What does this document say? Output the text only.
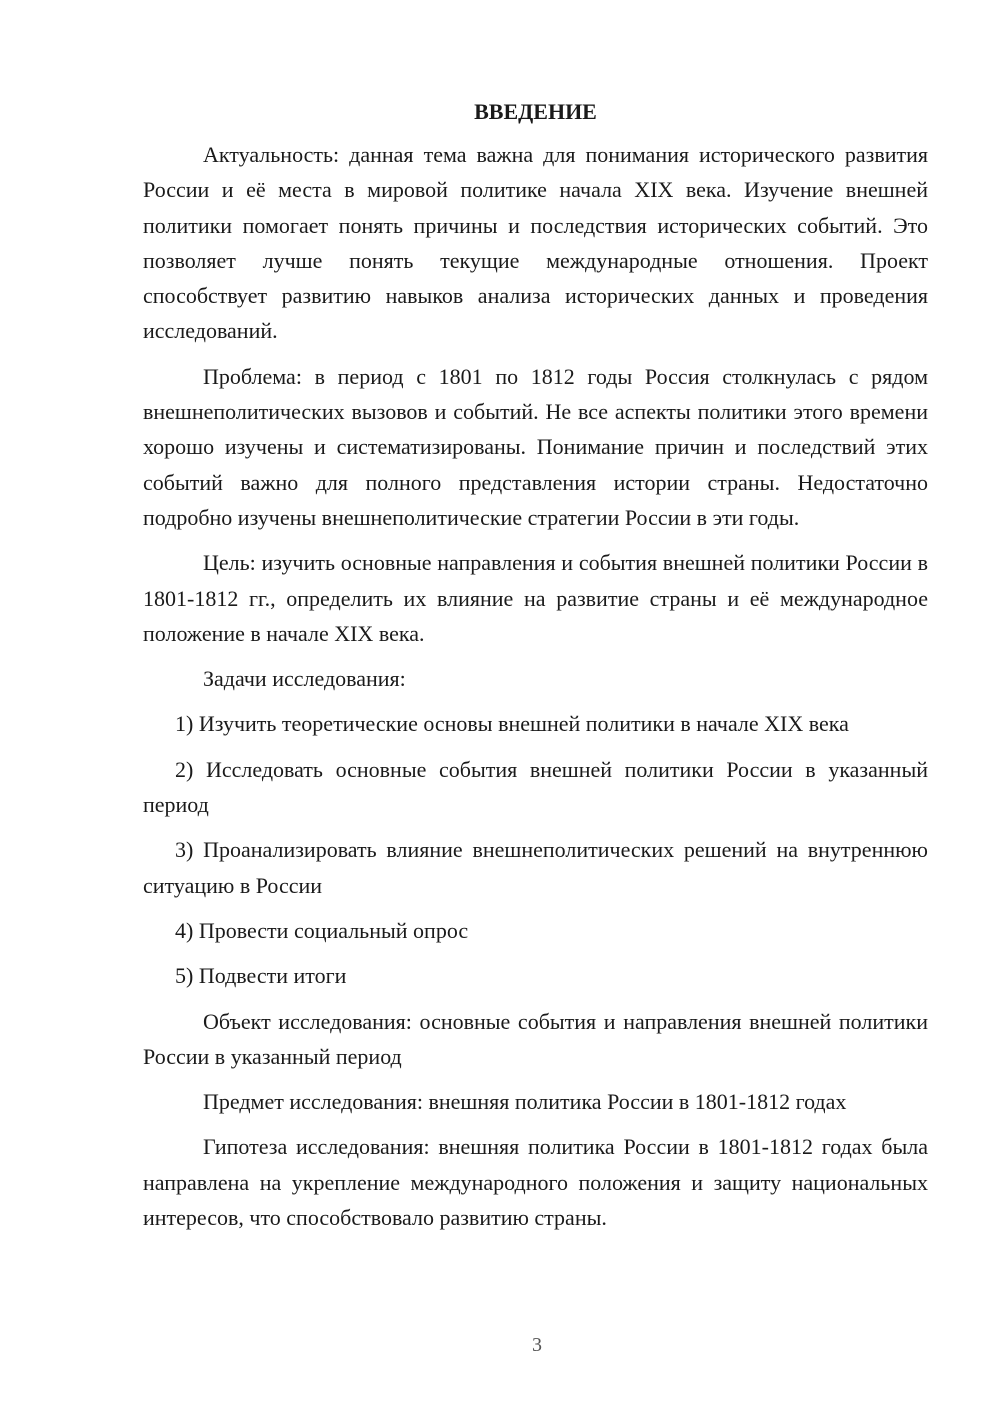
ВВЕДЕНИЕ

Актуальность: данная тема важна для понимания исторического развития России и её места в мировой политике начала XIX века. Изучение внешней политики помогает понять причины и последствия исторических событий. Это позволяет лучше понять текущие международные отношения. Проект способствует развитию навыков анализа исторических данных и проведения исследований.

Проблема: в период с 1801 по 1812 годы Россия столкнулась с рядом внешнеполитических вызовов и событий. Не все аспекты политики этого времени хорошо изучены и систематизированы. Понимание причин и последствий этих событий важно для полного представления истории страны. Недостаточно подробно изучены внешнеполитические стратегии России в эти годы.

Цель: изучить основные направления и события внешней политики России в 1801-1812 гг., определить их влияние на развитие страны и её международное положение в начале XIX века.

Задачи исследования:

1) Изучить теоретические основы внешней политики в начале XIX века

2) Исследовать основные события внешней политики России в указанный период

3) Проанализировать влияние внешнеполитических решений на внутреннюю ситуацию в России

4) Провести социальный опрос

5) Подвести итоги

Объект исследования: основные события и направления внешней политики России в указанный период

Предмет исследования: внешняя политика России в 1801-1812 годах

Гипотеза исследования: внешняя политика России в 1801-1812 годах была направлена на укрепление международного положения и защиту национальных интересов, что способствовало развитию страны.

3
